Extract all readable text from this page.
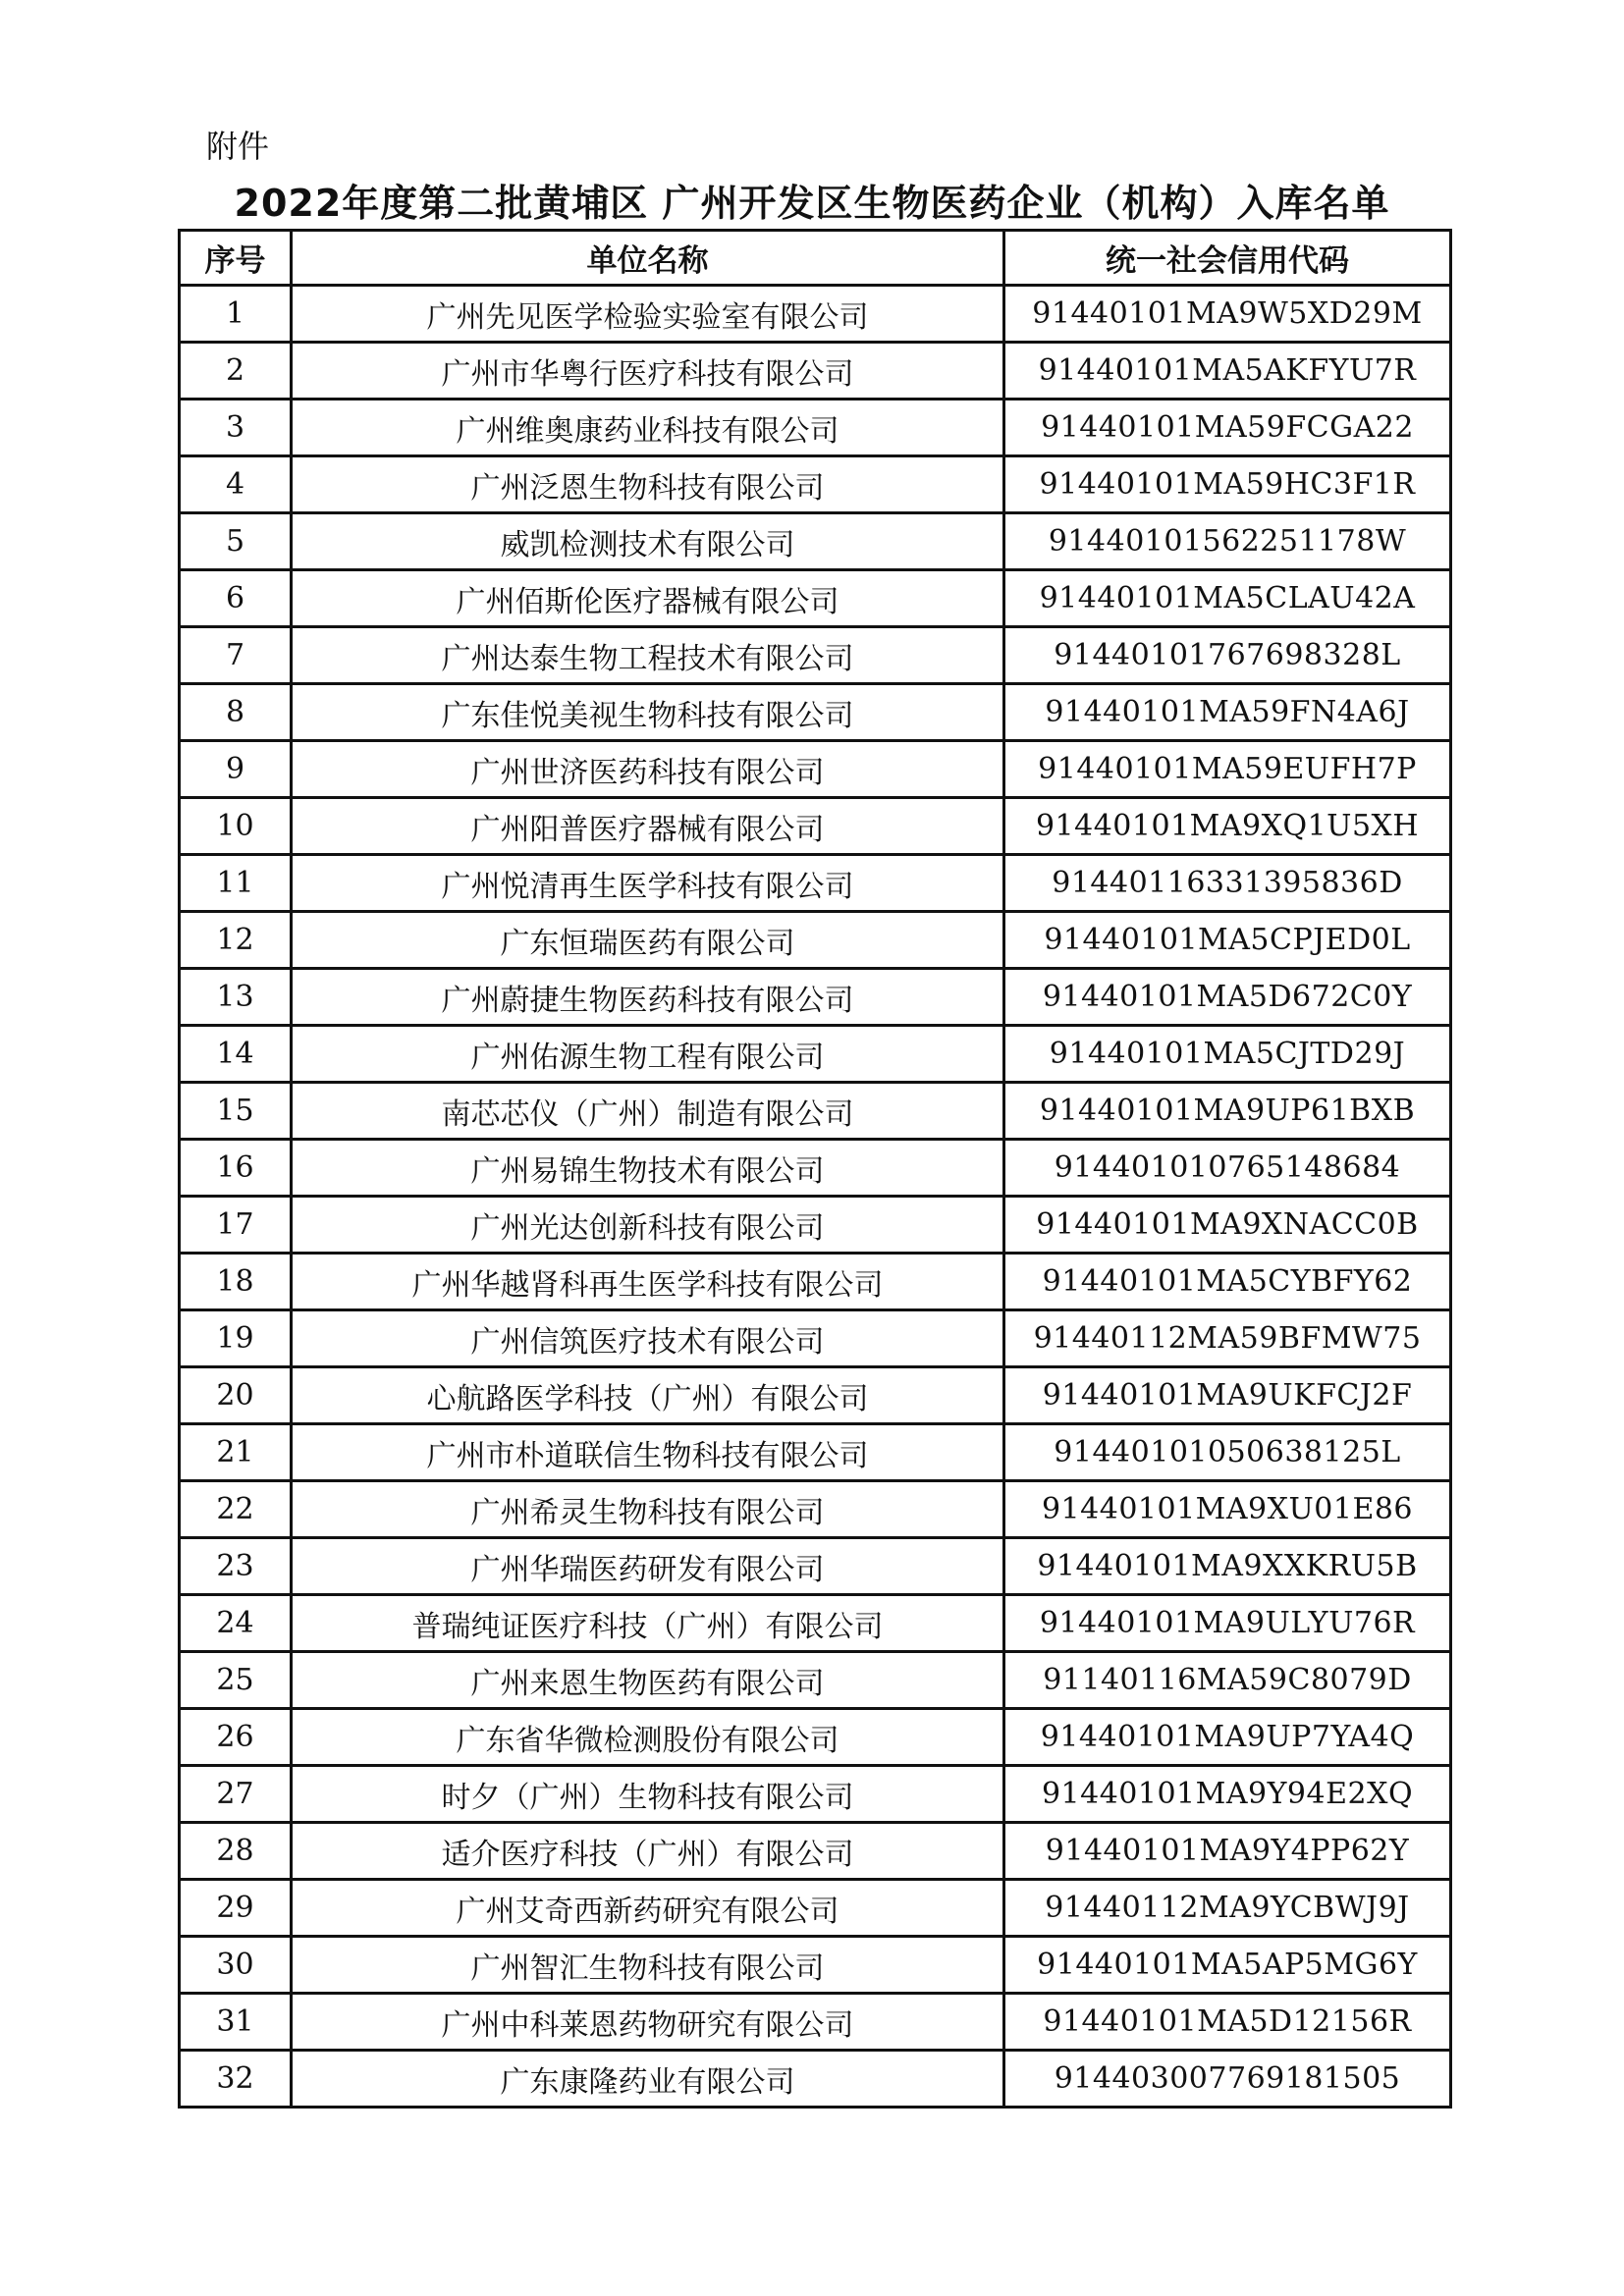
附件
2022年度第二批黄埔区 广州开发区生物医药企业（机构）入库名单
序号	单位名称	统一社会信用代码
1	广州先见医学检验实验室有限公司	91440101MA9W5XD29M
2	广州市华粤行医疗科技有限公司	91440101MA5AKFYU7R
3	广州维奥康药业科技有限公司	91440101MA59FCGA22
4	广州泛恩生物科技有限公司	91440101MA59HC3F1R
5	威凯检测技术有限公司	91440101562251178W
6	广州佰斯伦医疗器械有限公司	91440101MA5CLAU42A
7	广州达泰生物工程技术有限公司	91440101767698328L
8	广东佳悦美视生物科技有限公司	91440101MA59FN4A6J
9	广州世济医药科技有限公司	91440101MA59EUFH7P
10	广州阳普医疗器械有限公司	91440101MA9XQ1U5XH
11	广州悦清再生医学科技有限公司	91440116331395836D
12	广东恒瑞医药有限公司	91440101MA5CPJED0L
13	广州蔚捷生物医药科技有限公司	91440101MA5D672C0Y
14	广州佑源生物工程有限公司	91440101MA5CJTD29J
15	南芯芯仪（广州）制造有限公司	91440101MA9UP61BXB
16	广州易锦生物技术有限公司	914401010765148684
17	广州光达创新科技有限公司	91440101MA9XNACC0B
18	广州华越肾科再生医学科技有限公司	91440101MA5CYBFY62
19	广州信筑医疗技术有限公司	91440112MA59BFMW75
20	心航路医学科技（广州）有限公司	91440101MA9UKFCJ2F
21	广州市朴道联信生物科技有限公司	91440101050638125L
22	广州希灵生物科技有限公司	91440101MA9XU01E86
23	广州华瑞医药研发有限公司	91440101MA9XXKRU5B
24	普瑞纯证医疗科技（广州）有限公司	91440101MA9ULYU76R
25	广州来恩生物医药有限公司	91140116MA59C8079D
26	广东省华微检测股份有限公司	91440101MA9UP7YA4Q
27	时夕（广州）生物科技有限公司	91440101MA9Y94E2XQ
28	适介医疗科技（广州）有限公司	91440101MA9Y4PP62Y
29	广州艾奇西新药研究有限公司	91440112MA9YCBWJ9J
30	广州智汇生物科技有限公司	91440101MA5AP5MG6Y
31	广州中科莱恩药物研究有限公司	91440101MA5D12156R
32	广东康隆药业有限公司	914403007769181505
